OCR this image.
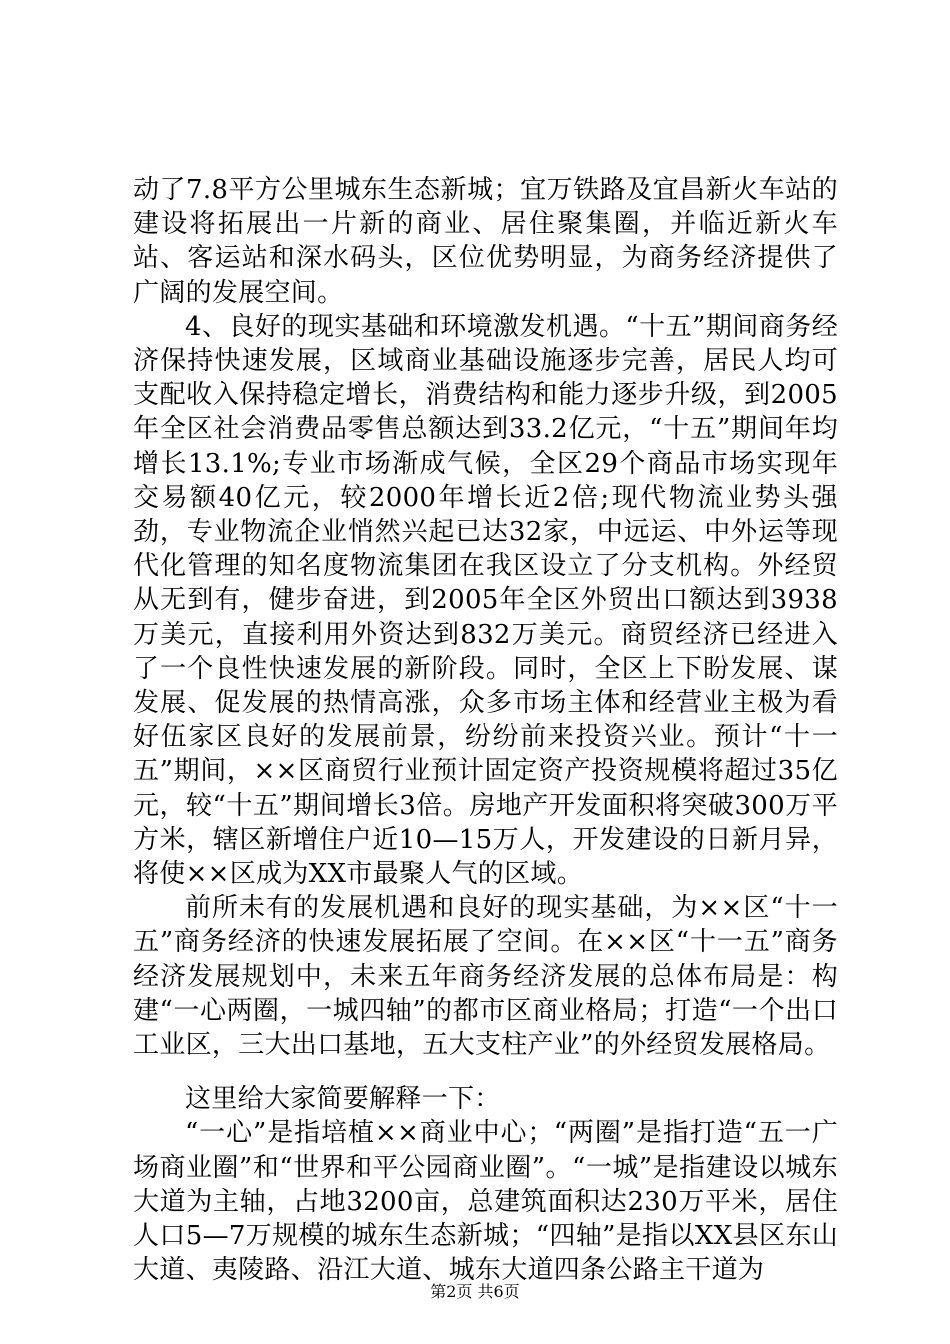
动了7.8平方公里城东生态新城；宜万铁路及宜昌新火车站的建设将拓展出一片新的商业、居住聚集圈，并临近新火车站、客运站和深水码头，区位优势明显，为商务经济提供了广阔的发展空间。

4、良好的现实基础和环境激发机遇。“十五”期间商务经济保持快速发展，区域商业基础设施逐步完善，居民人均可支配收入保持稳定增长，消费结构和能力逐步升级，到2005年全区社会消费品零售总额达到33.2亿元，“十五”期间年均增长13.1%;专业市场渐成气候，全区29个商品市场实现年交易额40亿元，较2000年增长近2倍;现代物流业势头强劲，专业物流企业悄然兴起已达32家，中远运、中外运等现代化管理的知名度物流集团在我区设立了分支机构。外经贸从无到有，健步奋进，到2005年全区外贸出口额达到3938万美元，直接利用外资达到832万美元。商贸经济已经进入了一个良性快速发展的新阶段。同时，全区上下盼发展、谋发展、促发展的热情高涨，众多市场主体和经营业主极为看好伍家区良好的发展前景，纷纷前来投资兴业。预计“十一五”期间，××区商贸行业预计固定资产投资规模将超过35亿元，较“十五”期间增长3倍。房地产开发面积将突破300万平方米，辖区新增住户近10—15万人，开发建设的日新月异，将使××区成为XX市最聚人气的区域。

前所未有的发展机遇和良好的现实基础，为××区“十一五”商务经济的快速发展拓展了空间。在××区“十一五”商务经济发展规划中，未来五年商务经济发展的总体布局是：构建“一心两圈，一城四轴”的都市区商业格局；打造“一个出口工业区，三大出口基地，五大支柱产业”的外经贸发展格局。

这里给大家简要解释一下：

“一心”是指培植××商业中心；“两圈”是指打造“五一广场商业圈”和“世界和平公园商业圈”。“一城”是指建设以城东大道为主轴，占地3200亩，总建筑面积达230万平米，居住人口5—7万规模的城东生态新城；“四轴”是指以XX县区东山大道、夷陵路、沿江大道、城东大道四条公路主干道为

第2页 共6页
